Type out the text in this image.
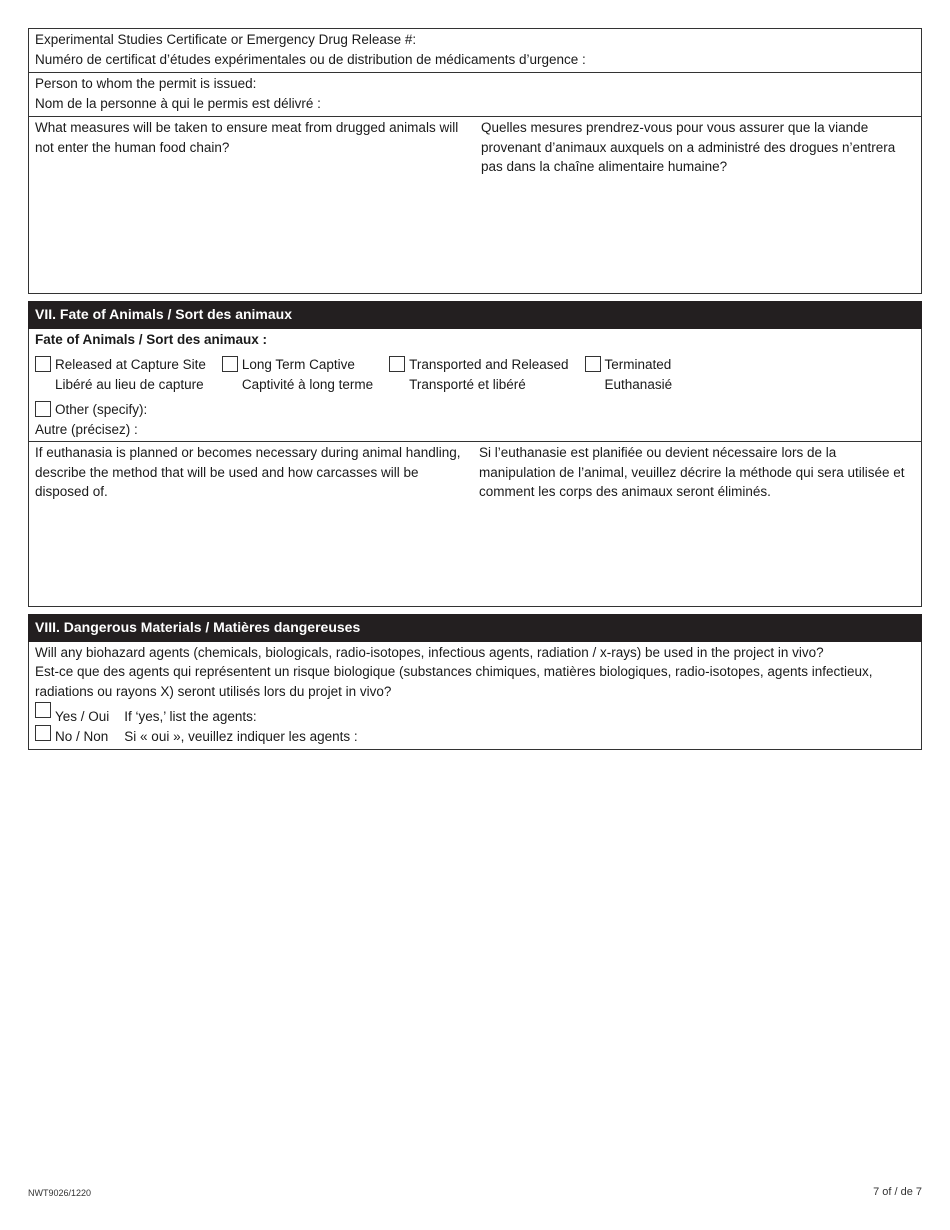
Experimental Studies Certificate or Emergency Drug Release #:
Numéro de certificat d’études expérimentales ou de distribution de médicaments d’urgence :
Person to whom the permit is issued:
Nom de la personne à qui le permis est délivré :
What measures will be taken to ensure meat from drugged animals will not enter the human food chain?
Quelles mesures prendrez-vous pour vous assurer que la viande provenant d’animaux auxquels on a administré des drogues n’entrera pas dans la chaîne alimentaire humaine?
VII. Fate of Animals / Sort des animaux
Fate of Animals / Sort des animaux :
Released at Capture Site
Libéré au lieu de capture
Long Term Captive
Captivité à long terme
Transported and Released
Transporté et libéré
Terminated
Euthanasié
Other (specify):
Autre (précisez) :
If euthanasia is planned or becomes necessary during animal handling, describe the method that will be used and how carcasses will be disposed of.
Si l’euthanasie est planifiée ou devient nécessaire lors de la manipulation de l’animal, veuillez décrire la méthode qui sera utilisée et comment les corps des animaux seront éliminés.
VIII. Dangerous Materials / Matières dangereuses
Will any biohazard agents (chemicals, biologicals, radio-isotopes, infectious agents, radiation / x-rays) be used in the project in vivo?
Est-ce que des agents qui représentent un risque biologique (substances chimiques, matières biologiques, radio-isotopes, agents infectieux, radiations ou rayons X) seront utilisés lors du projet in vivo?
Yes / Oui
No / Non
If ‘yes,’ list the agents:
Si « oui », veuillez indiquer les agents :
NWT9026/1220	7 of / de 7
